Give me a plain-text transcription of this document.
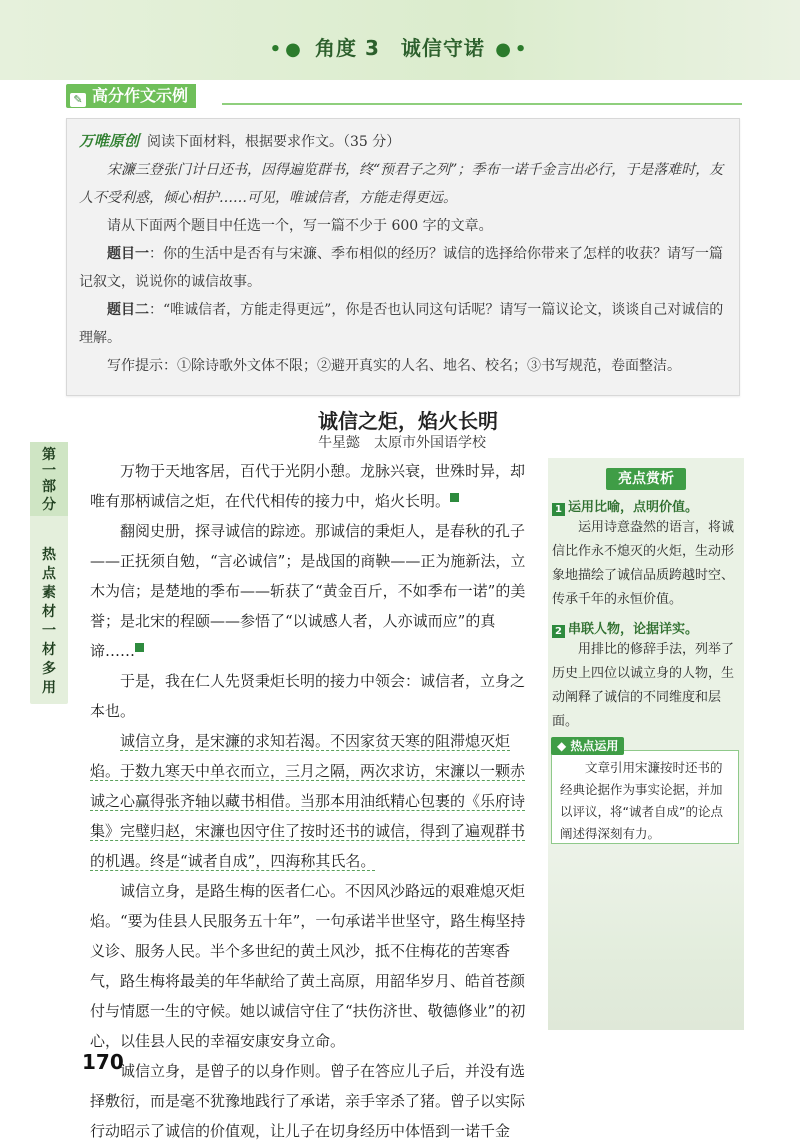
•● 角度 3　诚信守诺 ●•
✎ 高分作文示例

万唯原创 阅读下面材料，根据要求作文。（35 分）

宋濂三登张门计日还书，因得遍览群书，终“预君子之列”；季布一诺千金言出必行，于是落难时，友人不受利惑，倾心相护……可见，唯诚信者，方能走得更远。

请从下面两个题目中任选一个，写一篇不少于 600 字的文章。

题目一：你的生活中是否有与宋濂、季布相似的经历？诚信的选择给你带来了怎样的收获？请写一篇记叙文，说说你的诚信故事。

题目二：“唯诚信者，方能走得更远”，你是否也认同这句话呢？请写一篇议论文，谈谈自己对诚信的理解。

写作提示：①除诗歌外文体不限；②避开真实的人名、地名、校名；③书写规范，卷面整洁。

诚信之炬，焰火长明
牛星懿　太原市外国语学校
第
一
部
分
热
点
素
材
一
材
多
用

万物于天地客居，百代于光阴小憩。龙脉兴衰，世殊时异，却唯有那柄诚信之炬，在代代相传的接力中，焰火长明。	1

翻阅史册，探寻诚信的踪迹。那诚信的秉炬人，是春秋的孔子——正抚须自勉，“言必诚信”；是战国的商鞅——正为施新法，立木为信；是楚地的季布——斩获了“黄金百斤，不如季布一诺”的美誉；是北宋的程颐——参悟了“以诚感人者，人亦诚而应”的真谛……	2

于是，我在仁人先贤秉炬长明的接力中领会：诚信者，立身之本也。

诚信立身，是宋濂的求知若渴。不因家贫天寒的阻滞熄灭炬焰。于数九寒天中单衣而立，三月之隔，两次求访，宋濂以一颗赤诚之心赢得张齐轴以藏书相借。当那本用油纸精心包裹的《乐府诗集》完璧归赵，宋濂也因守住了按时还书的诚信，得到了遍观群书的机遇。终是“诚者自成”，四海称其氏名。

诚信立身，是路生梅的医者仁心。不因风沙路远的艰难熄灭炬焰。“要为佳县人民服务五十年”，一句承诺半世坚守，路生梅坚持义诊、服务人民。半个多世纪的黄土风沙，抵不住梅花的苦寒香气，路生梅将最美的年华献给了黄土高原，用韶华岁月、皓首苍颜付与情愿一生的守候。她以诚信守住了“扶伤济世、敬德修业”的初心，以佳县人民的幸福安康安身立命。

诚信立身，是曾子的以身作则。曾子在答应儿子后，并没有选择敷衍，而是毫不犹豫地践行了承诺，亲手宰杀了猪。曾子以实际行动昭示了诚信的价值观，让儿子在切身经历中体悟到一诺千金

亮点赏析
1 运用比喻，点明价值。

运用诗意盎然的语言，将诚信比作永不熄灭的火炬，生动形象地描绘了诚信品质跨越时空、传承千年的永恒价值。

2 串联人物，论据详实。

用排比的修辞手法，列举了历史上四位以诚立身的人物，生动阐释了诚信的不同维度和层面。

文章引用宋濂按时还书的经典论据作为事实论据，并加以评议，将“诚者自成”的论点阐述得深刻有力。

◆ 热点运用
170
